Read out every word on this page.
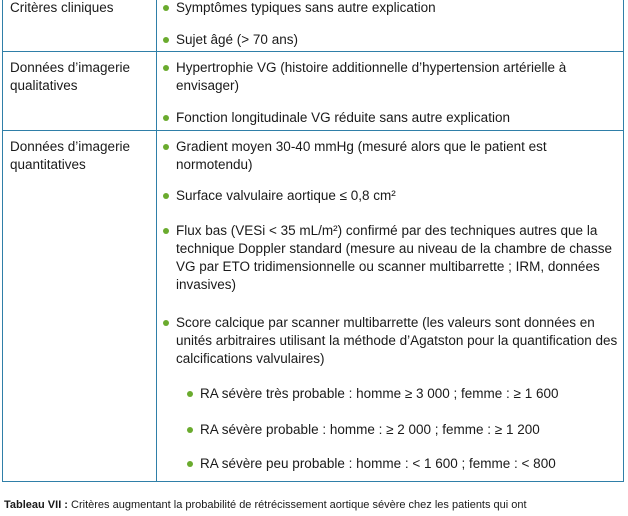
Critères cliniques	Symptômes typiques sans autre explication
Sujet âgé (> 70 ans)
Données d’imagerie qualitatives
Hypertrophie VG (histoire additionnelle d’hypertension artérielle à envisager)
Fonction longitudinale VG réduite sans autre explication
Données d’imagerie quantitatives
Gradient moyen 30-40 mmHg (mesuré alors que le patient est normotendu)
Surface valvulaire aortique ≤ 0,8 cm²
Flux bas (VESi < 35 mL/m²) confirmé par des techniques autres que la technique Doppler standard (mesure au niveau de la chambre de chasse VG par ETO tridimensionnelle ou scanner multibarrette ; IRM, données invasives)
Score calcique par scanner multibarrette (les valeurs sont données en unités arbitraires utilisant la méthode d’Agatston pour la quantification des calcifications valvulaires)
RA sévère très probable : homme ≥ 3 000 ; femme : ≥ 1 600
RA sévère probable : homme : ≥ 2 000 ; femme : ≥ 1 200
RA sévère peu probable : homme : < 1 600 ; femme : < 800
Tableau VII : Critères augmentant la probabilité de rétrécissement aortique sévère chez les patients qui ont
